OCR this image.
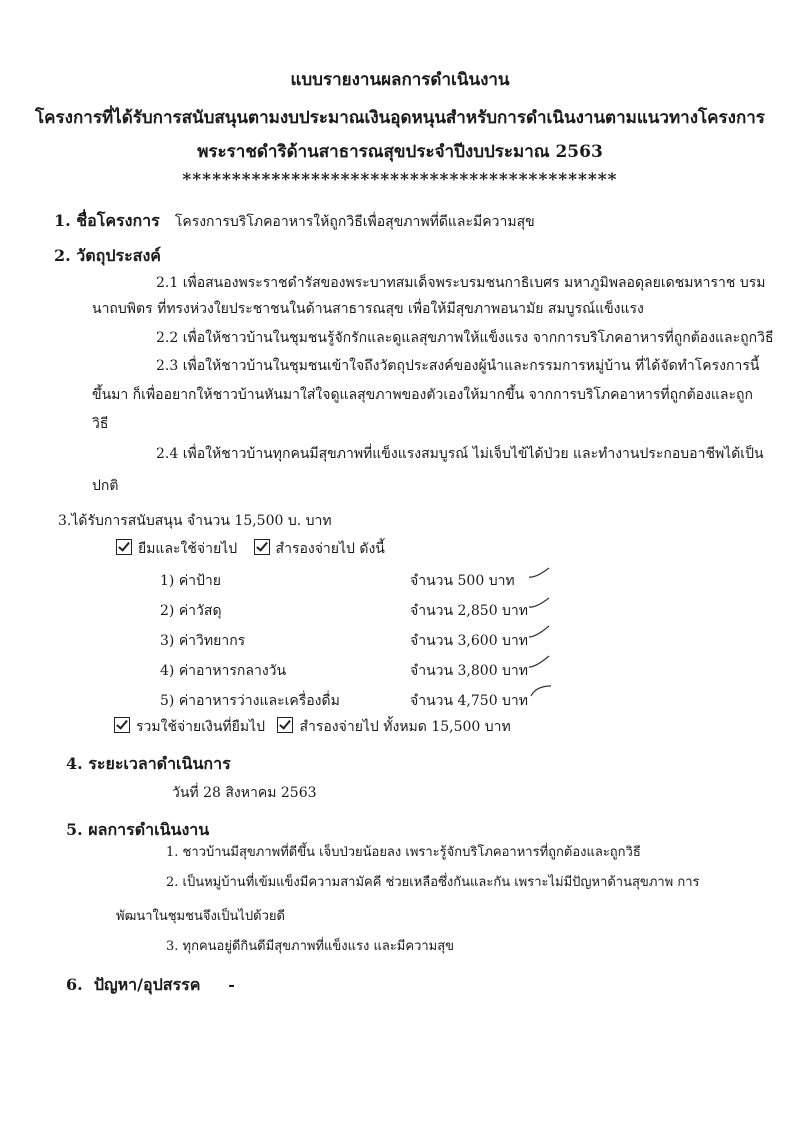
แบบรายงานผลการดำเนินงาน
โครงการที่ได้รับการสนับสนุนตามงบประมาณเงินอุดหนุนสำหรับการดำเนินงานตามแนวทางโครงการ
พระราชดำริด้านสาธารณสุขประจำปีงบประมาณ 2563
********************************************
1. ชื่อโครงการ โครงการบริโภคอาหารให้ถูกวิธีเพื่อสุขภาพที่ดีและมีความสุข
2. วัตถุประสงค์
2.1 เพื่อสนองพระราชดำรัสของพระบาทสมเด็จพระบรมชนกาธิเบศร มหาภูมิพลอดุลยเดชมหาราช บรม
นาถบพิตร ที่ทรงห่วงใยประชาชนในด้านสาธารณสุข เพื่อให้มีสุขภาพอนามัย สมบูรณ์แข็งแรง
2.2 เพื่อให้ชาวบ้านในชุมชนรู้จักรักและดูแลสุขภาพให้แข็งแรง จากการบริโภคอาหารที่ถูกต้องและถูกวิธี
2.3 เพื่อให้ชาวบ้านในชุมชนเข้าใจถึงวัตถุประสงค์ของผู้นำและกรรมการหมู่บ้าน ที่ได้จัดทำโครงการนี้
ขึ้นมา ก็เพื่ออยากให้ชาวบ้านหันมาใส่ใจดูแลสุขภาพของตัวเองให้มากขึ้น จากการบริโภคอาหารที่ถูกต้องและถูก
วิธี
2.4 เพื่อให้ชาวบ้านทุกคนมีสุขภาพที่แข็งแรงสมบูรณ์ ไม่เจ็บไข้ได้ป่วย และทำงานประกอบอาชีพได้เป็น
ปกติ
3.ได้รับการสนับสนุน จำนวน 15,500 บ. บาท
ยืมและใช้จ่ายไป	สำรองจ่ายไป ดังนี้
1) ค่าป้าย	จำนวน 500 บาท
2) ค่าวัสดุ	จำนวน 2,850 บาท
3) ค่าวิทยากร	จำนวน 3,600 บาท
4) ค่าอาหารกลางวัน	จำนวน 3,800 บาท
5) ค่าอาหารว่างและเครื่องดื่ม	จำนวน 4,750 บาท
รวมใช้จ่ายเงินที่ยืมไป สำรองจ่ายไป ทั้งหมด 15,500 บาท
4. ระยะเวลาดำเนินการ
วันที่ 28 สิงหาคม 2563
5. ผลการดำเนินงาน
1. ชาวบ้านมีสุขภาพที่ดีขึ้น เจ็บป่วยน้อยลง เพราะรู้จักบริโภคอาหารที่ถูกต้องและถูกวิธี
2. เป็นหมู่บ้านที่เข้มแข็งมีความสามัคคี ช่วยเหลือซึ่งกันและกัน เพราะไม่มีปัญหาด้านสุขภาพ การ
พัฒนาในชุมชนจึงเป็นไปด้วยดี
3. ทุกคนอยู่ดีกินดีมีสุขภาพที่แข็งแรง และมีความสุข
6.  ปัญหา/อุปสรรค     -
